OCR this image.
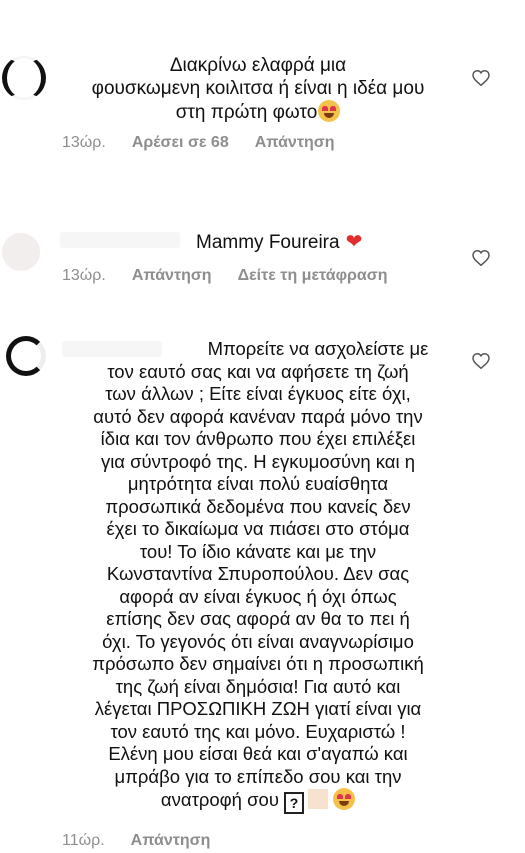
Διακρίνω ελαφρά μια
φουσκωμενη κοιλιτσα ή είναι η ιδέα μου
στη πρώτη φωτο
13ώρ. Αρέσει σε 68 Απάντηση
Mammy Foureira ❤
13ώρ. Απάντηση Δείτε τη μετάφραση
Μπορείτε να ασχολείστε με
τον εαυτό σας και να αφήσετε τη ζωή
των άλλων ; Είτε είναι έγκυος είτε όχι,
αυτό δεν αφορά κανέναν παρά μόνο την
ίδια και τον άνθρωπο που έχει επιλέξει
για σύντροφό της. Η εγκυμοσύνη και η
μητρότητα είναι πολύ ευαίσθητα
προσωπικά δεδομένα που κανείς δεν
έχει το δικαίωμα να πιάσει στο στόμα
του! Το ίδιο κάνατε και με την
Κωνσταντίνα Σπυροπούλου. Δεν σας
αφορά αν είναι έγκυος ή όχι όπως
επίσης δεν σας αφορά αν θα το πει ή
όχι. Το γεγονός ότι είναι αναγνωρίσιμο
πρόσωπο δεν σημαίνει ότι η προσωπική
της ζωή είναι δημόσια! Για αυτό και
λέγεται ΠΡΟΣΩΠΙΚΗ ΖΩΗ γιατί είναι για
τον εαυτό της και μόνο. Ευχαριστώ !
Ελένη μου είσαι θεά και σ'αγαπώ και
μπράβο για το επίπεδο σου και την
ανατροφή σου ?
11ώρ. Απάντηση
